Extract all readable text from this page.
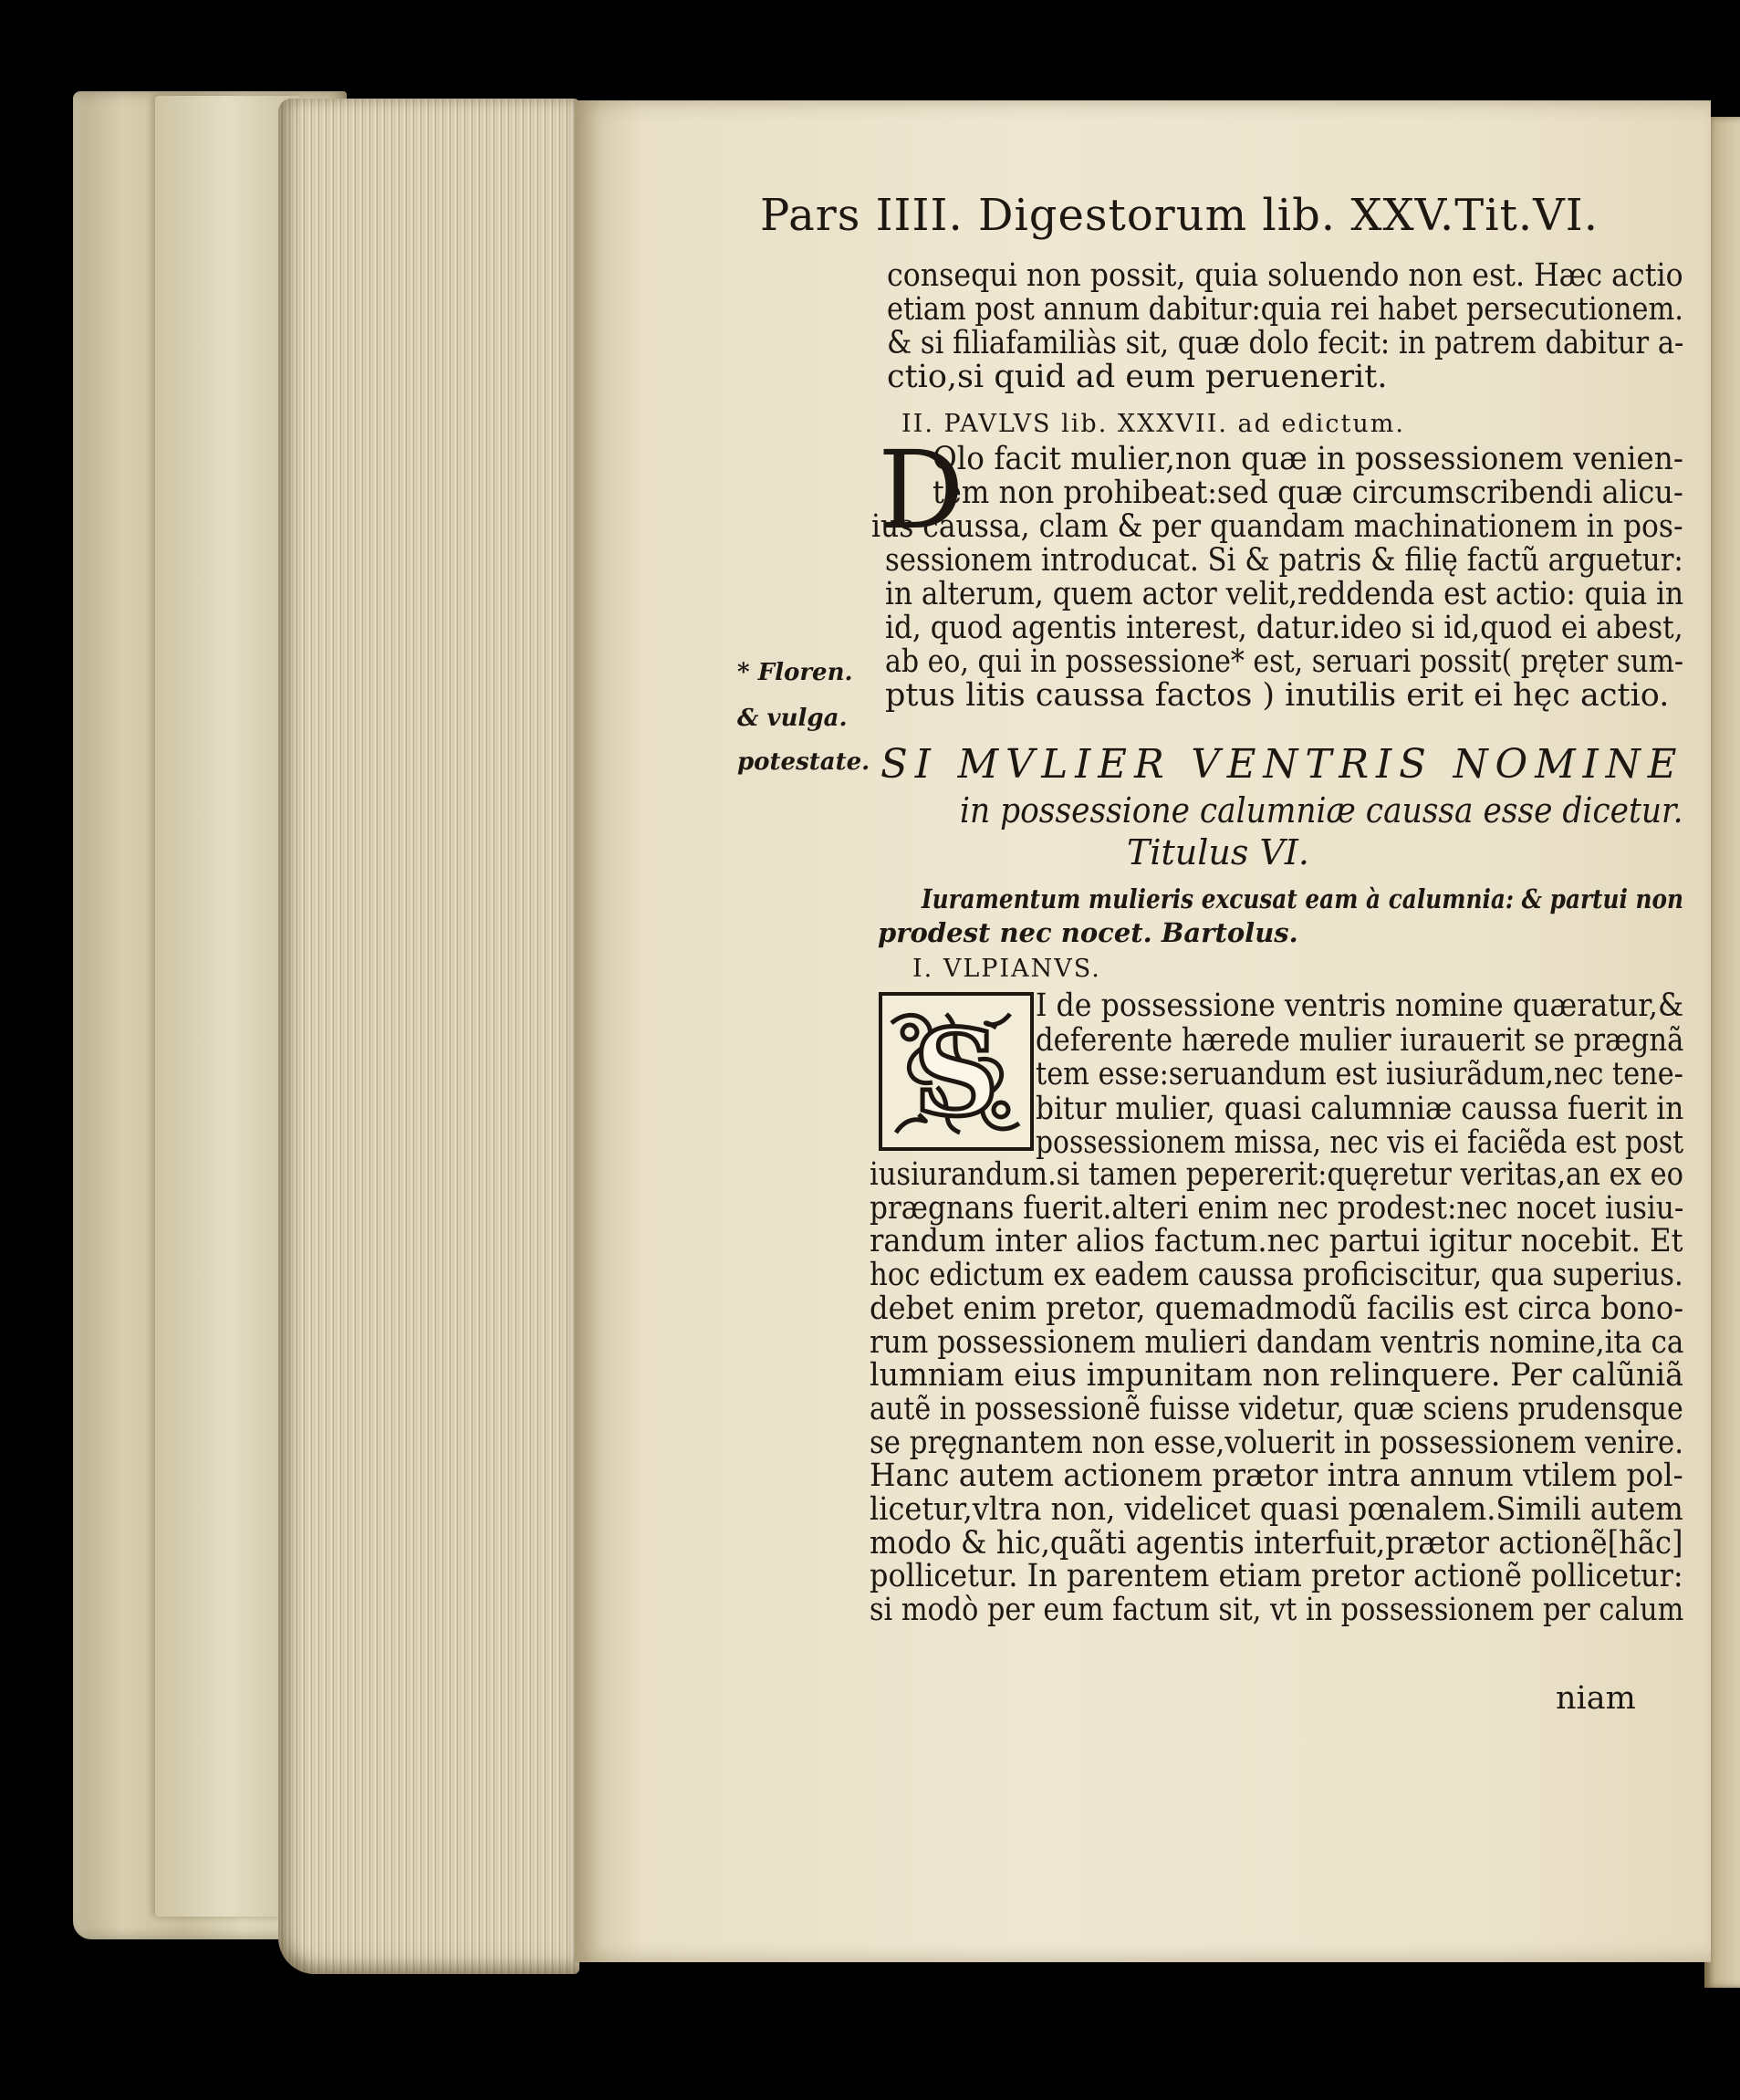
Pars IIII. Digestorum lib. XXV.Tit.VI.
consequi non possit, quia soluendo non est. Hæc actio
etiam post annum dabitur:quia rei habet persecutionem.
& si filiafamiliàs sit, quæ dolo fecit: in patrem dabitur a-
ctio,si quid ad eum peruenerit.
II. PAVLVS lib. XXXVII. ad edictum.
D
Olo facit mulier,non quæ in possessionem venien-
tem non prohibeat:sed quæ circumscribendi alicu-
ius caussa, clam & per quandam machinationem in pos-
sessionem introducat. Si & patris & filię factũ arguetur:
in alterum, quem actor velit,reddenda est actio: quia in
id, quod agentis interest, datur.ideo si id,quod ei abest,
ab eo, qui in possessione* est, seruari possit( pręter sum-
ptus litis caussa factos ) inutilis erit ei hęc actio.
* Floren.
& vulga.
potestate. SI MVLIER VENTRIS NOMINE
in possessione calumniæ caussa esse dicetur.
Titulus VI.
Iuramentum mulieris excusat eam à calumnia: & partui non
prodest nec nocet. Bartolus.
I. VLPIANVS.
S I de possessione ventris nomine quæratur,&
deferente hærede mulier iurauerit se prægnã
tem esse:seruandum est iusiurãdum,nec tene-
bitur mulier, quasi calumniæ caussa fuerit in
possessionem missa, nec vis ei faciẽda est post
iusiurandum.si tamen pepererit:quęretur veritas,an ex eo
prægnans fuerit.alteri enim nec prodest:nec nocet iusiu-
randum inter alios factum.nec partui igitur nocebit. Et
hoc edictum ex eadem caussa proficiscitur, qua superius.
debet enim pretor, quemadmodũ facilis est circa bono-
rum possessionem mulieri dandam ventris nomine,ita ca
lumniam eius impunitam non relinquere. Per calũniã
autẽ in possessionẽ fuisse videtur, quæ sciens prudensque
se pręgnantem non esse,voluerit in possessionem venire.
Hanc autem actionem prætor intra annum vtilem pol-
licetur,vltra non, videlicet quasi pœnalem.Simili autem
modo & hic,quãti agentis interfuit,prætor actionẽ[hãc]
pollicetur. In parentem etiam pretor actionẽ pollicetur:
si modò per eum factum sit, vt in possessionem per calum
niam
